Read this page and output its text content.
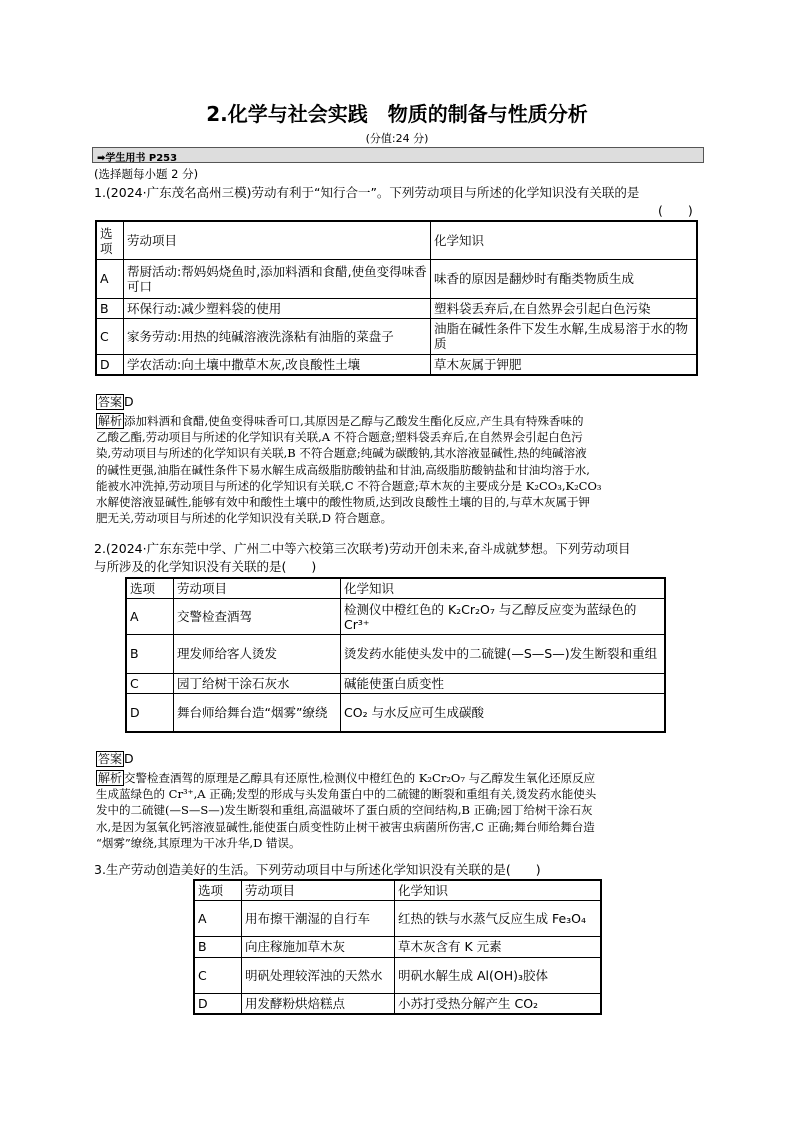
2.化学与社会实践　物质的制备与性质分析
(分值:24 分)
➡学生用书 P253
(选择题每小题 2 分)
1.(2024·广东茂名高州三模)劳动有利于“知行合一”。下列劳动项目与所述的化学知识没有关联的是
(　　)
选项	劳动项目	化学知识
A	帮厨活动:帮妈妈烧鱼时,添加料酒和食醋,使鱼变得味香可口	味香的原因是翻炒时有酯类物质生成
B	环保行动:减少塑料袋的使用	塑料袋丢弃后,在自然界会引起白色污染
C	家务劳动:用热的纯碱溶液洗涤粘有油脂的菜盘子	油脂在碱性条件下发生水解,生成易溶于水的物质
D	学农活动:向土壤中撒草木灰,改良酸性土壤	草木灰属于钾肥
答案 D
解析 添加料酒和食醋,使鱼变得味香可口,其原因是乙醇与乙酸发生酯化反应,产生具有特殊香味的
乙酸乙酯,劳动项目与所述的化学知识有关联,A 不符合题意;塑料袋丢弃后,在自然界会引起白色污
染,劳动项目与所述的化学知识有关联,B 不符合题意;纯碱为碳酸钠,其水溶液显碱性,热的纯碱溶液
的碱性更强,油脂在碱性条件下易水解生成高级脂肪酸钠盐和甘油,高级脂肪酸钠盐和甘油均溶于水,
能被水冲洗掉,劳动项目与所述的化学知识有关联,C 不符合题意;草木灰的主要成分是 K₂CO₃,K₂CO₃
水解使溶液显碱性,能够有效中和酸性土壤中的酸性物质,达到改良酸性土壤的目的,与草木灰属于钾
肥无关,劳动项目与所述的化学知识没有关联,D 符合题意。
2.(2024·广东东莞中学、广州二中等六校第三次联考)劳动开创未来,奋斗成就梦想。下列劳动项目
与所涉及的化学知识没有关联的是(　　)
选项	劳动项目	化学知识
A	交警检查酒驾	检测仪中橙红色的 K₂Cr₂O₇ 与乙醇反应变为蓝绿色的 Cr³⁺
B	理发师给客人烫发	烫发药水能使头发中的二硫键(—S—S—)发生断裂和重组
C	园丁给树干涂石灰水	碱能使蛋白质变性
D	舞台师给舞台造“烟雾”缭绕	CO₂ 与水反应可生成碳酸
答案 D
解析 交警检查酒驾的原理是乙醇具有还原性,检测仪中橙红色的 K₂Cr₂O₇ 与乙醇发生氧化还原反应
生成蓝绿色的 Cr³⁺,A 正确;发型的形成与头发角蛋白中的二硫键的断裂和重组有关,烫发药水能使头
发中的二硫键(—S—S—)发生断裂和重组,高温破坏了蛋白质的空间结构,B 正确;园丁给树干涂石灰
水,是因为氢氧化钙溶液显碱性,能使蛋白质变性防止树干被害虫病菌所伤害,C 正确;舞台师给舞台造
“烟雾”缭绕,其原理为干冰升华,D 错误。
3.生产劳动创造美好的生活。下列劳动项目中与所述化学知识没有关联的是(　　)
选项	劳动项目	化学知识
A	用布擦干潮湿的自行车	红热的铁与水蒸气反应生成 Fe₃O₄
B	向庄稼施加草木灰	草木灰含有 K 元素
C	明矾处理较浑浊的天然水	明矾水解生成 Al(OH)₃胶体
D	用发酵粉烘焙糕点	小苏打受热分解产生 CO₂
